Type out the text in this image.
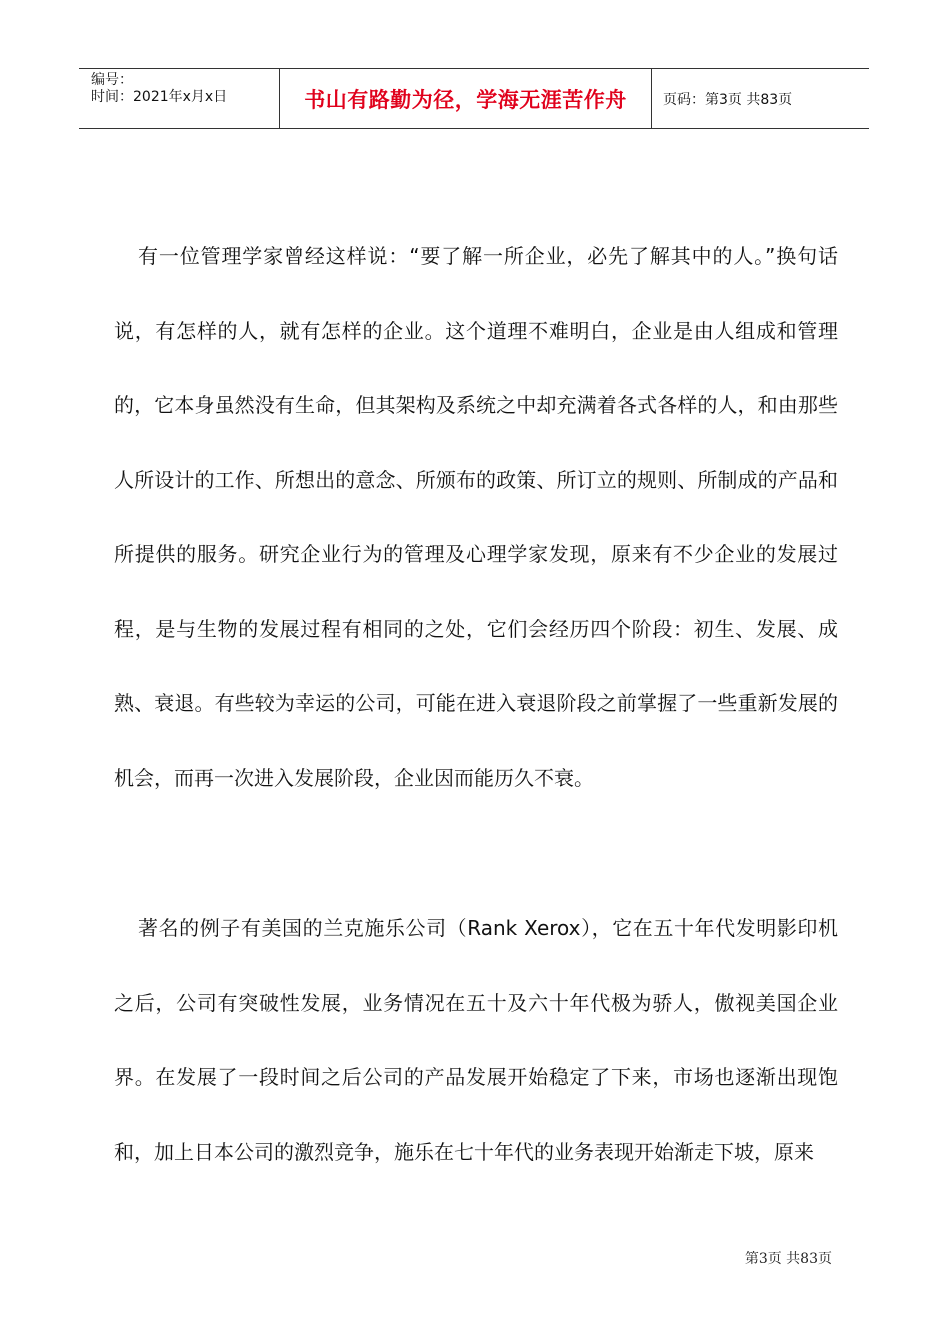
编号：
时间：2021年x月x日	书山有路勤为径，学海无涯苦作舟	页码：第3页 共83页

有一位管理学家曾经这样说：“要了解一所企业，必先了解其中的人。”换句话说，有怎样的人，就有怎样的企业。这个道理不难明白，企业是由人组成和管理的，它本身虽然没有生命，但其架构及系统之中却充满着各式各样的人，和由那些人所设计的工作、所想出的意念、所颁布的政策、所订立的规则、所制成的产品和所提供的服务。研究企业行为的管理及心理学家发现，原来有不少企业的发展过程，是与生物的发展过程有相同的之处，它们会经历四个阶段：初生、发展、成熟、衰退。有些较为幸运的公司，可能在进入衰退阶段之前掌握了一些重新发展的机会，而再一次进入发展阶段，企业因而能历久不衰。

著名的例子有美国的兰克施乐公司（Rank Xerox），它在五十年代发明影印机之后，公司有突破性发展，业务情况在五十及六十年代极为骄人，傲视美国企业界。在发展了一段时间之后公司的产品发展开始稳定了下来，市场也逐渐出现饱和，加上日本公司的激烈竞争，施乐在七十年代的业务表现开始渐走下坡，原来

第3页 共83页
